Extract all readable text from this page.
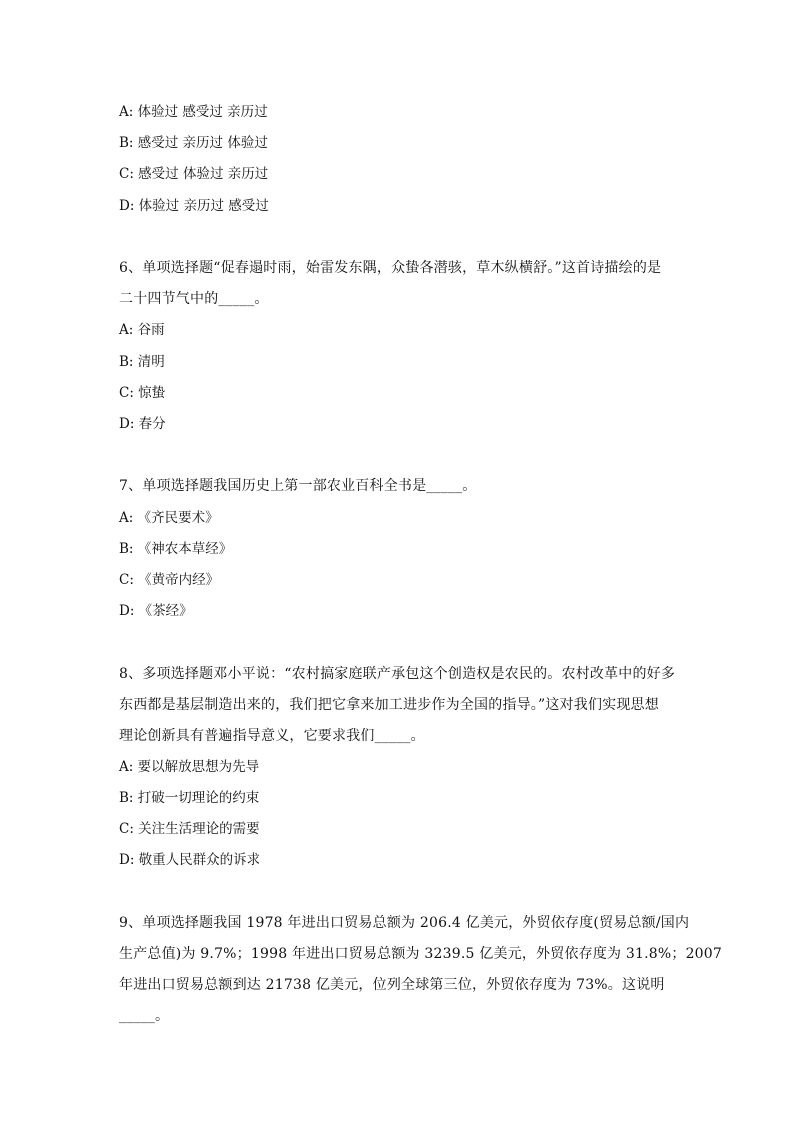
A: 体验过 感受过 亲历过
B: 感受过 亲历过 体验过
C: 感受过 体验过 亲历过
D: 体验过 亲历过 感受过
6、单项选择题“促春遢时雨，始雷发东隅，众蛰各潜骇，草木纵横舒。”这首诗描绘的是
二十四节气中的_____。
A: 谷雨
B: 清明
C: 惊蛰
D: 春分
7、单项选择题我国历史上第一部农业百科全书是_____。
A: 《齐民要术》
B: 《神农本草经》
C: 《黄帝内经》
D: 《茶经》
8、多项选择题邓小平说：“农村搞家庭联产承包这个创造权是农民的。农村改革中的好多
东西都是基层制造出来的，我们把它拿来加工进步作为全国的指导。”这对我们实现思想
理论创新具有普遍指导意义，它要求我们_____。
A: 要以解放思想为先导
B: 打破一切理论的约束
C: 关注生活理论的需要
D: 敬重人民群众的诉求
9、单项选择题我国 1978 年进出口贸易总额为 206.4 亿美元，外贸依存度(贸易总额/国内
生产总值)为 9.7%；1998 年进出口贸易总额为 3239.5 亿美元，外贸依存度为 31.8%；2007
年进出口贸易总额到达 21738 亿美元，位列全球第三位，外贸依存度为 73%。这说明
_____。
